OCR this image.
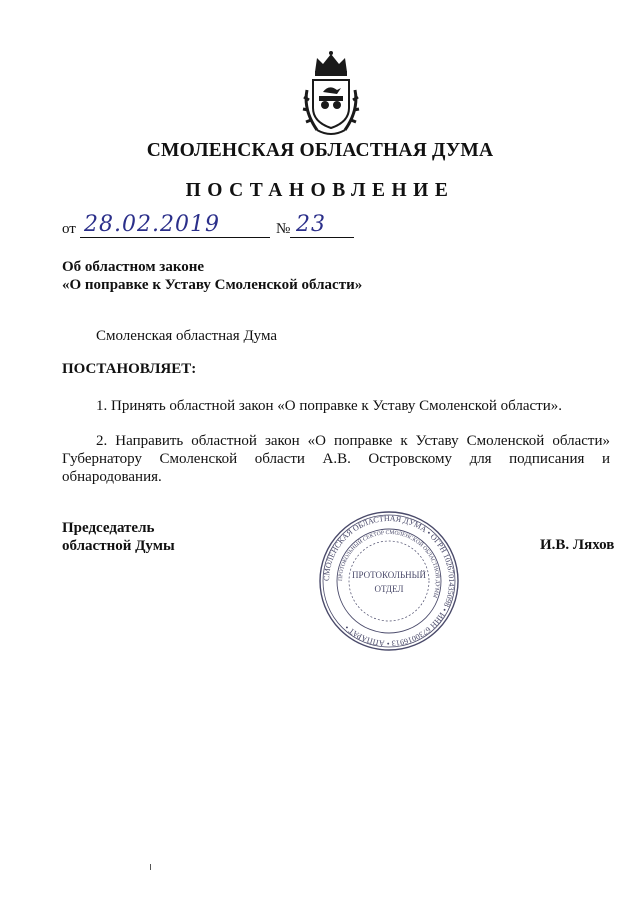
СМОЛЕНСКАЯ ОБЛАСТНАЯ ДУМА
ПОСТАНОВЛЕНИЕ
от 28.02.2019	№ 23
Об областном законе
«О поправке к Уставу Смоленской области»
Смоленская областная Дума
ПОСТАНОВЛЯЕТ:
1. Принять областной закон «О поправке к Уставу Смоленской области».
2. Направить областной закон «О поправке к Уставу Смоленской области» Губернатору Смоленской области А.В. Островскому для подписания и обнародования.
Председатель
областной Думы	И.В. Ляхов
СМОЛЕНСКАЯ ОБЛАСТНАЯ ДУМА • ОГРН 1026701435098 • ИНН 6730016913 • АППАРАТ •
ПРОТОКОЛЬНЫЙ СЕКТОР СМОЛЕНСКОЙ ОБЛАСТНОЙ ДУМЫ
ПРОТОКОЛЬНЫЙ
ОТДЕЛ
